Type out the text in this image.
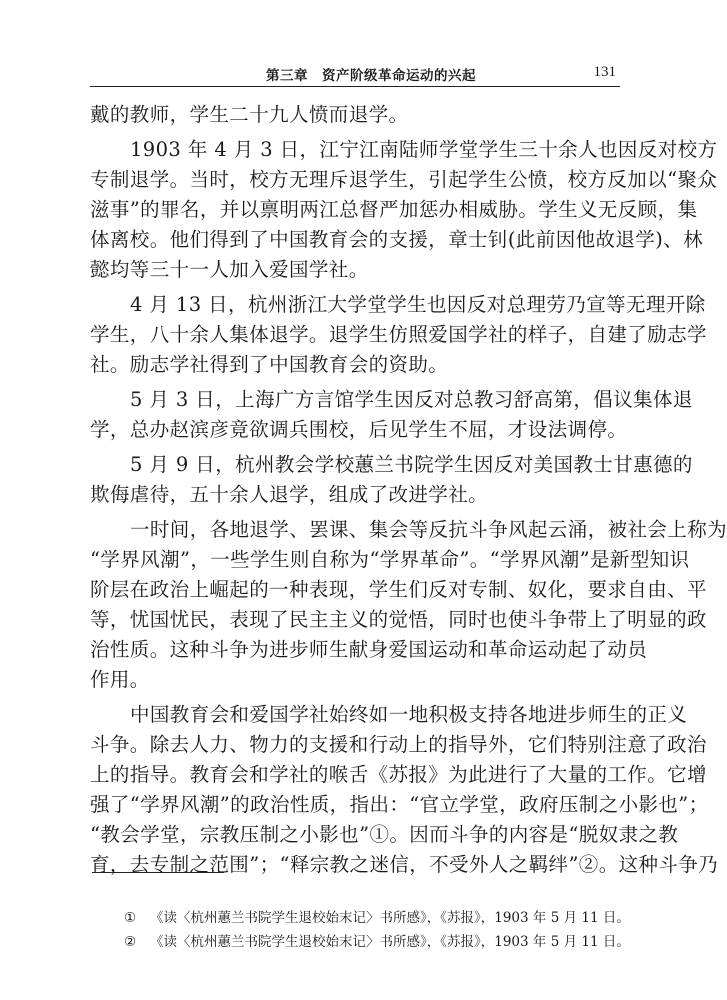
第三章　资产阶级革命运动的兴起	131
戴的教师，学生二十九人愤而退学。
1903 年 4 月 3 日，江宁江南陆师学堂学生三十余人也因反对校方
专制退学。当时，校方无理斥退学生，引起学生公愤，校方反加以“聚众
滋事”的罪名，并以禀明两江总督严加惩办相威胁。学生义无反顾，集
体离校。他们得到了中国教育会的支援，章士钊(此前因他故退学)、林
懿均等三十一人加入爱国学社。
4 月 13 日，杭州浙江大学堂学生也因反对总理劳乃宣等无理开除
学生，八十余人集体退学。退学生仿照爱国学社的样子，自建了励志学
社。励志学社得到了中国教育会的资助。
5 月 3 日，上海广方言馆学生因反对总教习舒高第，倡议集体退
学，总办赵滨彦竟欲调兵围校，后见学生不屈，才设法调停。
5 月 9 日，杭州教会学校蕙兰书院学生因反对美国教士甘惠德的
欺侮虐待，五十余人退学，组成了改进学社。
一时间，各地退学、罢课、集会等反抗斗争风起云涌，被社会上称为
“学界风潮”，一些学生则自称为“学界革命”。“学界风潮”是新型知识
阶层在政治上崛起的一种表现，学生们反对专制、奴化，要求自由、平
等，忧国忧民，表现了民主主义的觉悟，同时也使斗争带上了明显的政
治性质。这种斗争为进步师生献身爱国运动和革命运动起了动员
作用。
中国教育会和爱国学社始终如一地积极支持各地进步师生的正义
斗争。除去人力、物力的支援和行动上的指导外，它们特别注意了政治
上的指导。教育会和学社的喉舌《苏报》为此进行了大量的工作。它增
强了“学界风潮”的政治性质，指出：“官立学堂，政府压制之小影也”；
“教会学堂，宗教压制之小影也”①。因而斗争的内容是“脱奴隶之教
育，去专制之范围”；“释宗教之迷信，不受外人之羁绊”②。这种斗争乃
① 《读〈杭州蕙兰书院学生退校始末记〉书所感》，《苏报》，1903 年 5 月 11 日。
② 《读〈杭州蕙兰书院学生退校始末记〉书所感》，《苏报》，1903 年 5 月 11 日。
